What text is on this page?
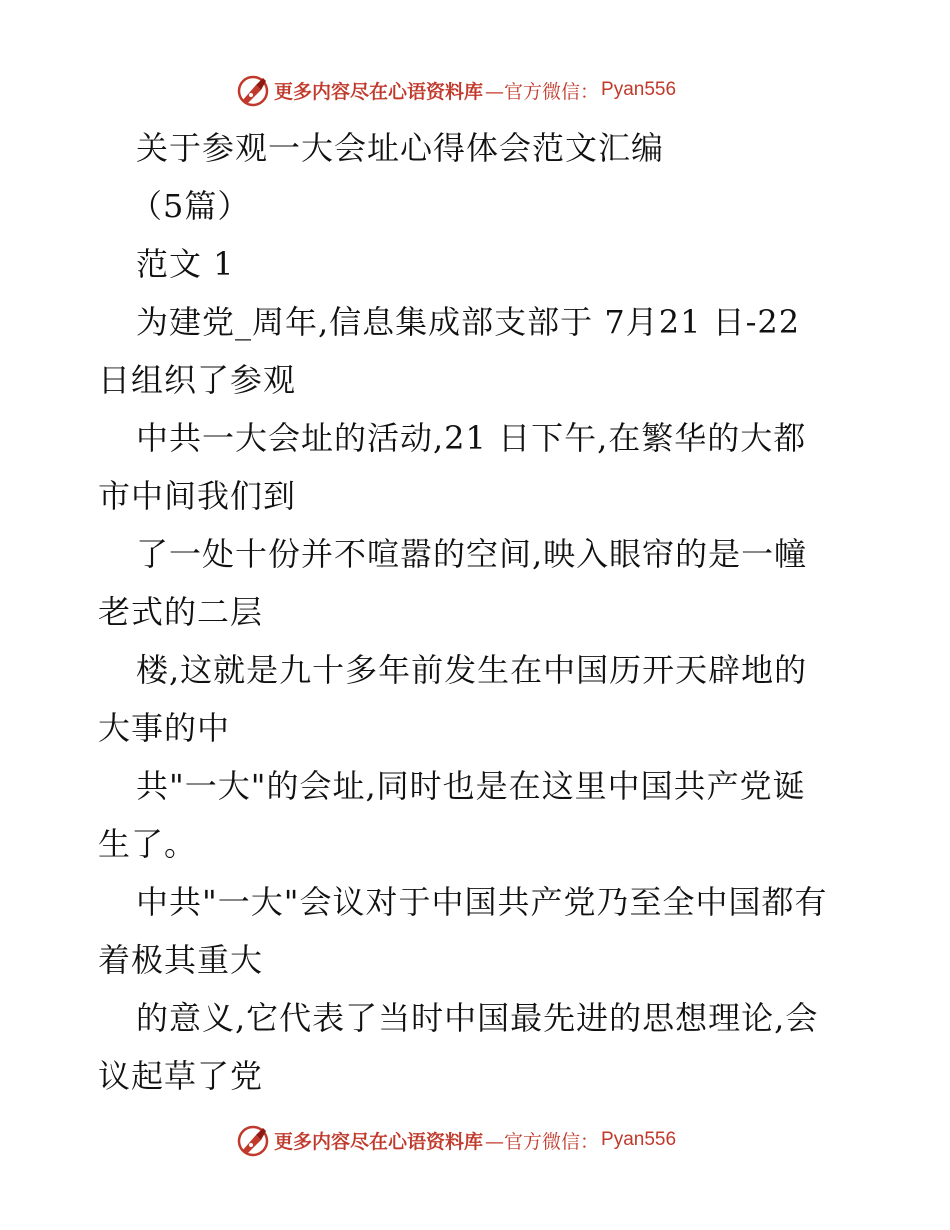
更多内容尽在心语资料库 —官方微信： Pyan556
关于参观一大会址心得体会范文汇编
（5篇）
范文 1
为建党_周年,信息集成部支部于 7月21 日-22
日组织了参观
中共一大会址的活动,21 日下午,在繁华的大都
市中间我们到
了一处十份并不喧嚣的空间,映入眼帘的是一幢
老式的二层
楼,这就是九十多年前发生在中国历开天辟地的
大事的中
共"一大"的会址,同时也是在这里中国共产党诞
生了。
中共"一大"会议对于中国共产党乃至全中国都有
着极其重大
的意义,它代表了当时中国最先进的思想理论,会
议起草了党
更多内容尽在心语资料库 —官方微信： Pyan556
